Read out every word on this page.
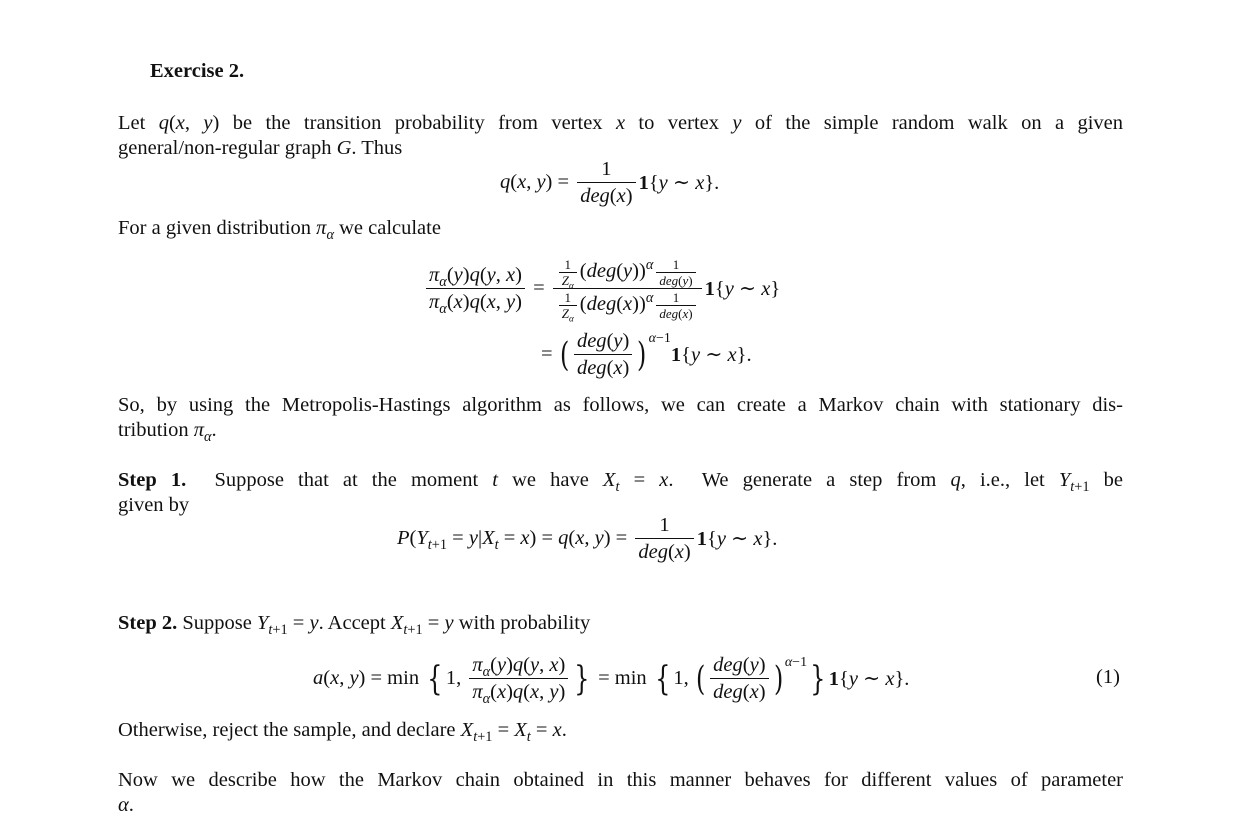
Exercise 2.
Let q(x, y) be the transition probability from vertex x to vertex y of the simple random walk on a given
general/non-regular graph G. Thus
q(x, $y) = \frac{1}{\text{deg(x)}} 1\{y$ ∼ x}.
For a given distribution $\pi_\alpha$ we calculate
$\frac{\pi_\alpha(y)q(y, x)}{\pi_\alpha(x)q(x, y)} = \frac{\frac{1}{Z_\alpha} (deg(y))^\alpha \frac{1}{\text{deg(y)}}}{\frac{1}{Z_\alpha} (deg(x))^\alpha \frac{1}{\text{deg(x)}}} 1\{y$ ∼ x}
= ( $\frac{\text{deg(y)}}{\text{deg(x)}}$ ) α−1
1{y ∼ x}.
So, by using the Metropolis-Hastings algorithm as follows, we can create a Markov chain with stationary dis-
tribution $\pi_\alpha$.
Step 1.  Suppose that at the moment t we have $X_t = x$.  We generate a step from q, i.e., let $Y_{t+1}$ be
given by
$P(Y_{t+1} = y|X_t = x) = q(x$, $y) = \frac{1}{\text{deg(x)}} 1\{y$ ∼ x}.
Step 2. Suppose $Y_{t+1} = y$. Accept $X_{t+1} = y$ with probability
a(x, y) = min { 1, $\frac{\pi_\alpha(y)q(y, x)}{\pi_\alpha(x)q(x, y)}$ } = min { 1, ( $\frac{\text{deg(y)}}{\text{deg(x)}}$ ) α−1 } 1{y ∼ x}.	(1)
Otherwise, reject the sample, and declare $X_{t+1} = X_t = x$.
Now we describe how the Markov chain obtained in this manner behaves for different values of parameter
α.
